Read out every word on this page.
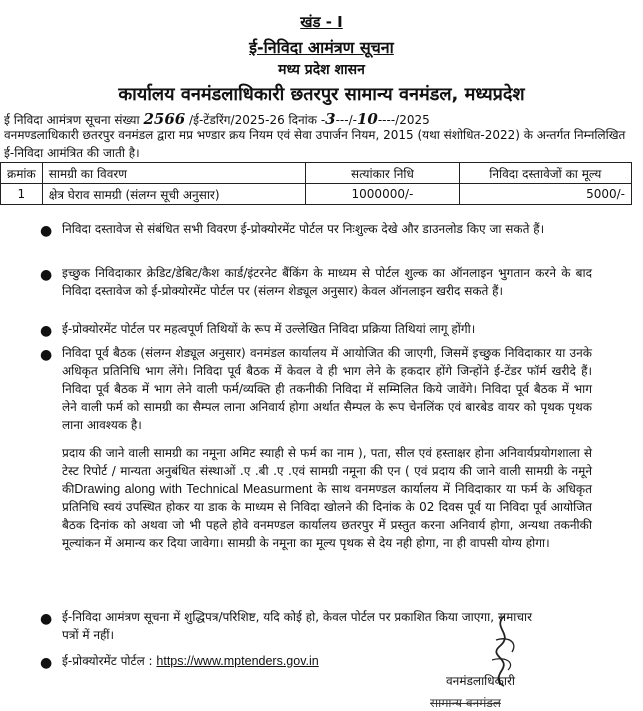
खंड - I
ई-निविदा आमंत्रण सूचना
मध्य प्रदेश शासन
कार्यालय वनमंडलाधिकारी छतरपुर सामान्य वनमंडल, मध्यप्रदेश
ई निविदा आमंत्रण सूचना संख्या 2566 /ई-टेंडरिंग/2025-26 दिनांक -3---/-10----/2025
वनमण्डलाधिकारी छतरपुर वनमंडल द्वारा मप्र भण्डार क्रय नियम एवं सेवा उपार्जन नियम, 2015 (यथा संशोधित-2022) के अन्तर्गत निम्नलिखित ई-निविदा आमंत्रित की जाती है।
क्रमांक	सामग्री का विवरण	सत्यांकार निधि	निविदा दस्तावेजों का मूल्य
1	क्षेत्र घेराव सामग्री (संलग्न सूची अनुसार)	1000000/-	5000/-
● निविदा दस्तावेज से संबंधित सभी विवरण ई-प्रोक्योरमेंट पोर्टल पर निःशुल्क देखे और डाउनलोड किए जा सकते हैं।
● इच्छुक निविदाकार क्रेडिट/डेबिट/कैश कार्ड/इंटरनेट बैंकिंग के माध्यम से पोर्टल शुल्क का ऑनलाइन भुगतान करने के बाद निविदा दस्तावेज को ई-प्रोक्योरमेंट पोर्टल पर (संलग्न शेड्यूल अनुसार) केवल ऑनलाइन खरीद सकते हैं।
● ई-प्रोक्योरमेंट पोर्टल पर महत्वपूर्ण तिथियों के रूप में उल्लेखित निविदा प्रक्रिया तिथियां लागू होंगी।
● निविदा पूर्व बैठक (संलग्न शेड्यूल अनुसार) वनमंडल कार्यालय में आयोजित की जाएगी, जिसमें इच्छुक निविदाकार या उनके अधिकृत प्रतिनिधि भाग लेंगे। निविदा पूर्व बैठक में केवल वे ही भाग लेने के हकदार होंगे जिन्होंने ई-टेंडर फॉर्म खरीदे हैं। निविदा पूर्व बैठक में भाग लेने वाली फर्म/व्यक्ति ही तकनीकी निविदा में सम्मिलित किये जावेंगे। निविदा पूर्व बैठक में भाग लेने वाली फर्म को सामग्री का सैम्पल लाना अनिवार्य होगा अर्थात सैम्पल के रूप चेनलिंक एवं बारबेड वायर को पृथक पृथक लाना आवश्यक है।
प्रदाय की जाने वाली सामग्री का नमूना अमिट स्याही से फर्म का नाम ), पता, सील एवं हस्ताक्षर होना अनिवार्यप्रयोगशाला से टेस्ट रिपोर्ट / मान्यता अनुबंधित संस्थाओं .ए .बी .ए .एवं सामग्री नमूना की एन ( एवं प्रदाय की जाने वाली सामग्री के नमूने कीDrawing along with Technical Measurment के साथ वनमण्डल कार्यालय में निविदाकार या फर्म के अधिकृत प्रतिनिधि स्वयं उपस्थित होकर या डाक के माध्यम से निविदा खोलने की दिनांक के 02 दिवस पूर्व या निविदा पूर्व आयोजित बैठक दिनांक को अथवा जो भी पहले होवे वनमण्डल कार्यालय छतरपुर में प्रस्तुत करना अनिवार्य होगा, अन्यथा तकनीकी मूल्यांकन में अमान्य कर दिया जावेगा। सामग्री के नमूना का मूल्य पृथक से देय नही होगा, ना ही वापसी योग्य होगा।
● ई-निविदा आमंत्रण सूचना में शुद्धिपत्र/परिशिष्ट, यदि कोई हो, केवल पोर्टल पर प्रकाशित किया जाएगा, समाचार पत्रों में नहीं।
● ई-प्रोक्योरमेंट पोर्टल : https://www.mptenders.gov.in
वनमंडलाधिकारी
सामान्य वनमंडल
